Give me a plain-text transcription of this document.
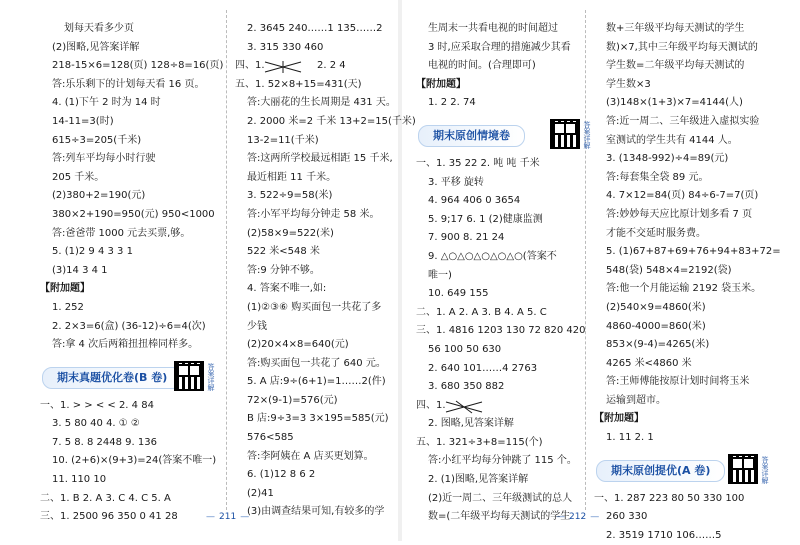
划每天看多少页
(2)图略,见答案详解
218-15×6=128(页) 128÷8=16(页)
答:乐乐剩下的计划每天看 16 页。
4. (1)下午 2 时为 14 时
14-11=3(时)
615÷3=205(千米)
答:列车平均每小时行驶
205 千米。
(2)380+2=190(元)
380×2+190=950(元) 950<1000
答:爸爸带 1000 元去买票,够。
5. (1)2 9 4 3 3 1
(3)14 3 4 1
【附加题】
1. 252
2. 2×3=6(盒) (36-12)÷6=4(次)
答:拿 4 次后两箱扭扭棒同样多。
期末真题优化卷(B 卷)	答案详解
一、1. > > < < 2. 4 84
3. 5 80 40 4. ① ②
7. 5 8. 8 2448 9. 136
10. (2+6)×(9+3)=24(答案不唯一)
11. 110 10
二、1. B 2. A 3. C 4. C 5. A
三、1. 2500 96 350 0 41 28
2. 3645 240……1 135……2
3. 315 330 460
四、1.	2. 2 4
五、1. 52×8+15=431(天)
答:大丽花的生长周期是 431 天。
2. 2000 米=2 千米 13+2=15(千米)
13-2=11(千米)
答:这两所学校最远相距 15 千米,
最近相距 11 千米。
3. 522÷9=58(米)
答:小军平均每分钟走 58 米。
(2)58×9=522(米)
522 米<548 米
答:9 分钟不够。
4. 答案不唯一,如:
(1)②③⑥ 购买面包一共花了多
少钱
(2)20×4×8=640(元)
答:购买面包一共花了 640 元。
5. A 店:9÷(6+1)=1……2(件)
72×(9-1)=576(元)
B 店:9÷3=3 3×195=585(元)
576<585
答:李阿姨在 A 店买更划算。
6. (1)12 8 6 2
(2)41
(3)由调查结果可知,有较多的学
生周末一共看电视的时间超过
3 时,应采取合理的措施减少其看
电视的时间。(合理即可)
【附加题】
1. 2 2. 74
期末原创情境卷	答案详解
一、1. 35 22 2. 吨 吨 千米
3. 平移 旋转
4. 964 406 0 3654
5. 9;17 6. 1 (2)健康监测
7. 900 8. 21 24
9. △○△○△○△○△○(答案不
唯一)
10. 649 155
二、1. A 2. A 3. B 4. A 5. C
三、1. 4816 1203 130 72 820 420
56 100 50 630
2. 640 101……4 2763
3. 680 350 882
四、1.
2. 图略,见答案详解
五、1. 321÷3+8=115(个)
答:小红平均每分钟跳了 115 个。
2. (1)图略,见答案详解
(2)近一周二、三年级测试的总人
数=(二年级平均每天测试的学生
数+三年级平均每天测试的学生
数)×7,其中三年级平均每天测试的
学生数=二年级平均每天测试的
学生数×3
(3)148×(1+3)×7=4144(人)
答:近一周二、三年级进入虚拟实验
室测试的学生共有 4144 人。
3. (1348-992)÷4=89(元)
答:每套集全袋 89 元。
4. 7×12=84(页) 84÷6-7=7(页)
答:妙妙每天应比原计划多看 7 页
才能不交延时服务费。
5. (1)67+87+69+76+94+83+72=
548(袋) 548×4=2192(袋)
答:他一个月能运输 2192 袋玉米。
(2)540×9=4860(米)
4860-4000=860(米)
853×(9-4)=4265(米)
4265 米<4860 米
答:王师傅能按原计划时间将玉米
运输到超市。
【附加题】
1. 11 2. 1
期末原创提优(A 卷)	答案详解
一、1. 287 223 80 50 330 100
260 330
2. 3519 1710 106……5
— 211 —
—	212 —
